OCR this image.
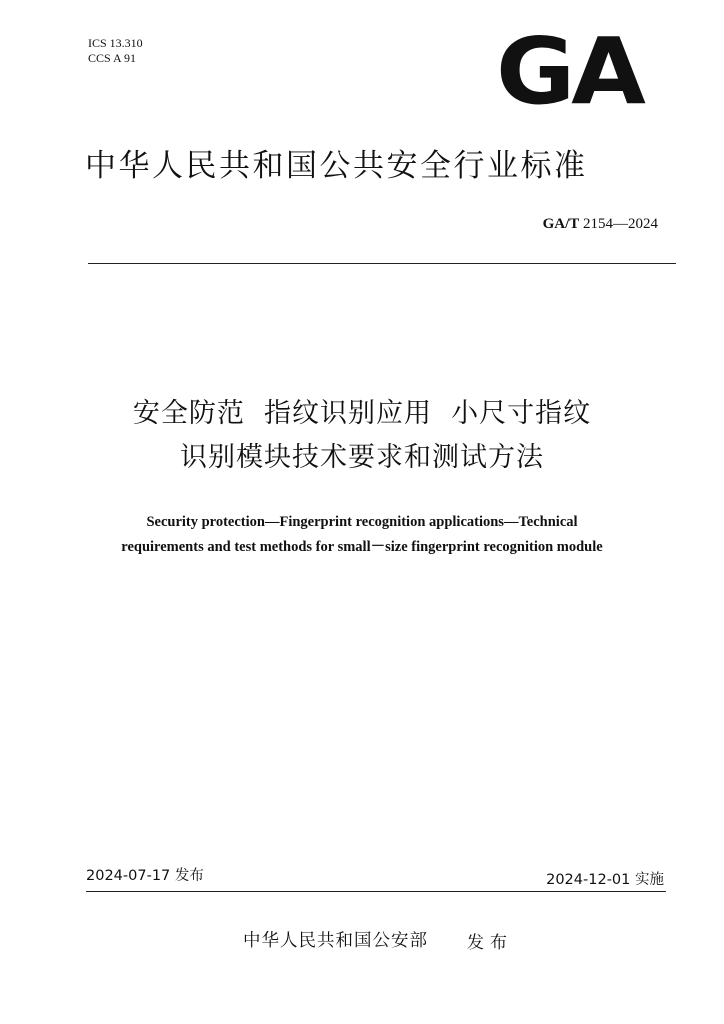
ICS 13.310
CCS A 91	GA
中华人民共和国公共安全行业标准
GA/T 2154—2024
安全防范  指纹识别应用  小尺寸指纹
识别模块技术要求和测试方法
Security protection—Fingerprint recognition applications—Technical
requirements and test methods for small－size fingerprint recognition module
2024-07-17 发布	2024-12-01 实施
中华人民共和国公安部 发布
